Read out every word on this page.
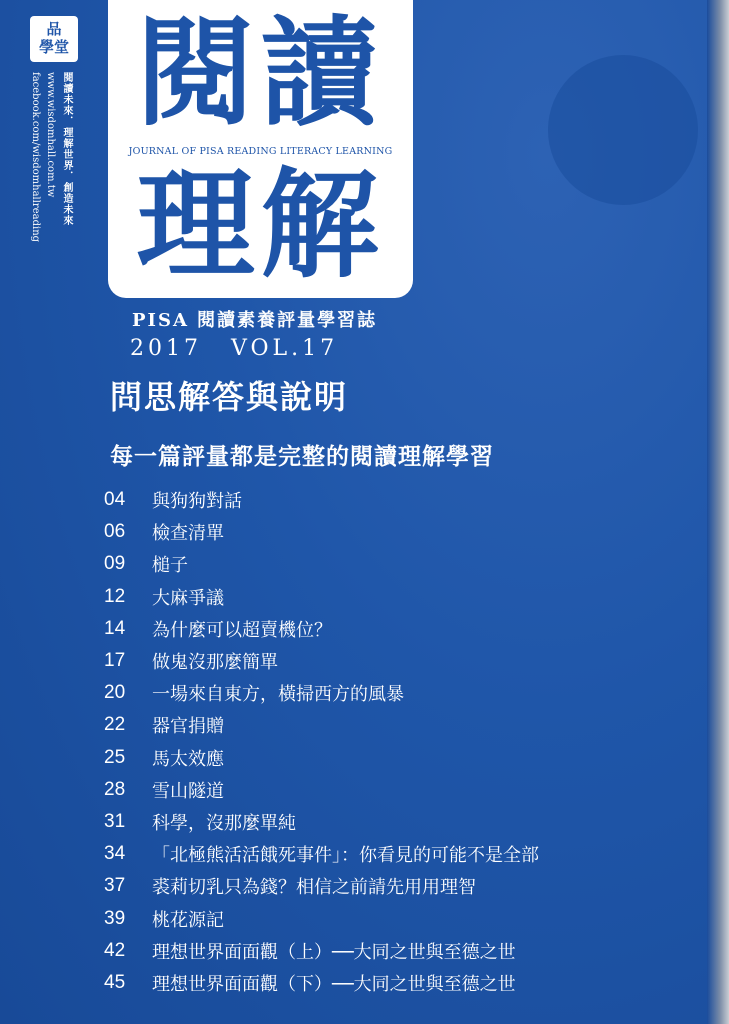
品
學堂
閱讀未來．理解世界．創造未來
www.wisdomhall.com.tw
facebook.com/wisdomhallreading 閱讀
JOURNAL OF PISA READING LITERACY LEARNING
理解
PISA 閱讀素養評量學習誌
2017 VOL.17
問思解答與說明
每一篇評量都是完整的閱讀理解學習
04	與狗狗對話
06	檢查清單
09	槌子
12	大麻爭議
14	為什麼可以超賣機位？
17	做鬼沒那麼簡單
20	一場來自東方，橫掃西方的風暴
22	器官捐贈
25	馬太效應
28	雪山隧道
31	科學，沒那麼單純
34	「北極熊活活餓死事件」：你看見的可能不是全部
37	裘莉切乳只為錢？相信之前請先用用理智
39	桃花源記
42	理想世界面面觀（上）──大同之世與至德之世
45	理想世界面面觀（下）──大同之世與至德之世
